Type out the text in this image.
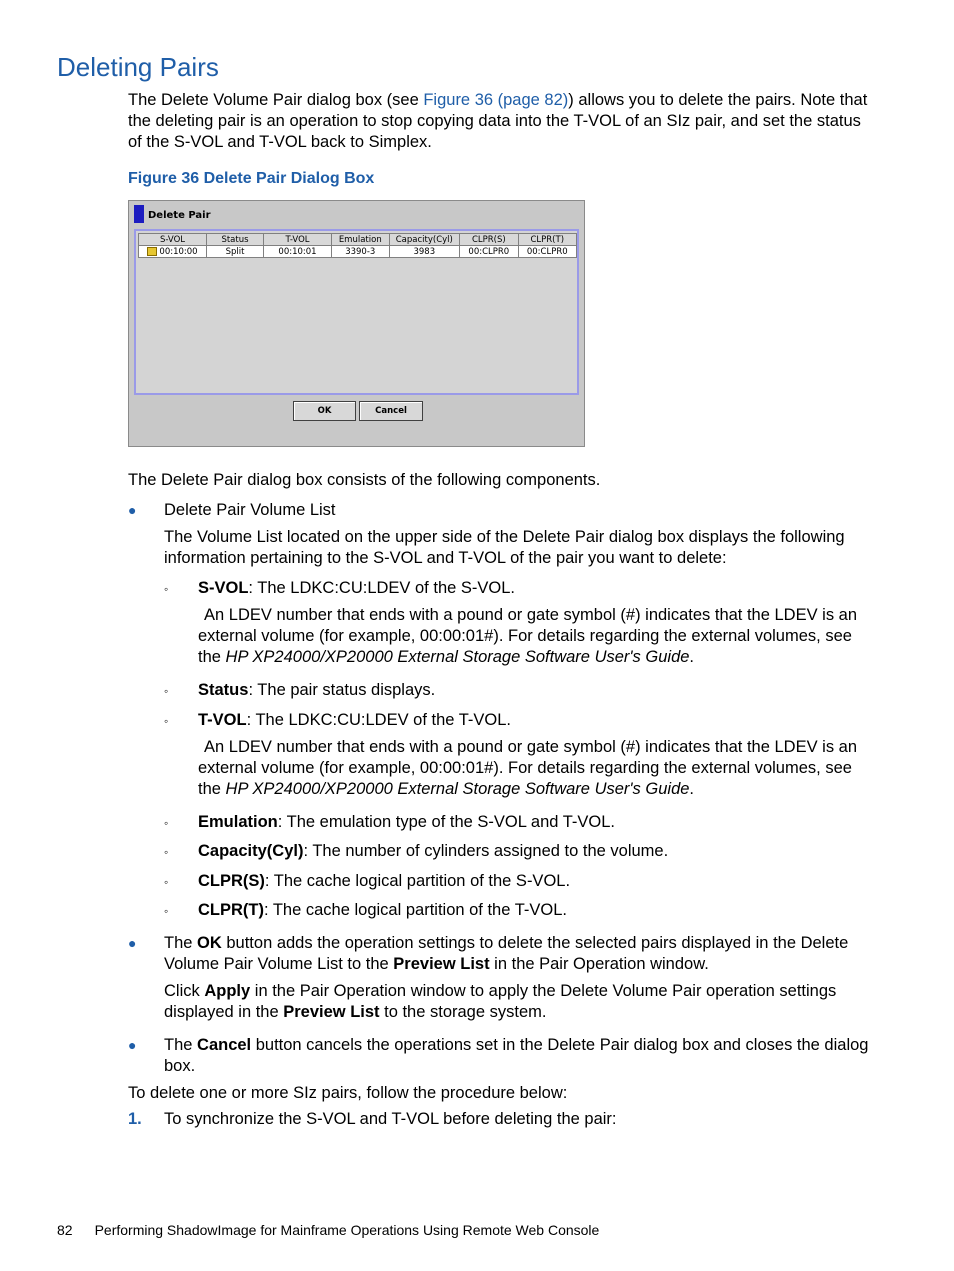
Deleting Pairs
The Delete Volume Pair dialog box (see Figure 36 (page 82)) allows you to delete the pairs. Note that the deleting pair is an operation to stop copying data into the T-VOL of an SIz pair, and set the status of the S-VOL and T-VOL back to Simplex.
Figure 36 Delete Pair Dialog Box
Delete Pair
S-VOL	Status	T-VOL	Emulation	Capacity(Cyl)	CLPR(S)	CLPR(T)
00:10:00	Split	00:10:01	3390-3	3983	00:CLPR0	00:CLPR0
OK	Cancel
The Delete Pair dialog box consists of the following components.
● Delete Pair Volume List
The Volume List located on the upper side of the Delete Pair dialog box displays the following information pertaining to the S-VOL and T-VOL of the pair you want to delete:
◦ S-VOL: The LDKC:CU:LDEV of the S-VOL.
An LDEV number that ends with a pound or gate symbol (#) indicates that the LDEV is an external volume (for example, 00:00:01#). For details regarding the external volumes, see the HP XP24000/XP20000 External Storage Software User's Guide.
◦ Status: The pair status displays.
◦ T-VOL: The LDKC:CU:LDEV of the T-VOL.
An LDEV number that ends with a pound or gate symbol (#) indicates that the LDEV is an external volume (for example, 00:00:01#). For details regarding the external volumes, see the HP XP24000/XP20000 External Storage Software User's Guide.
◦ Emulation: The emulation type of the S-VOL and T-VOL.
◦ Capacity(Cyl): The number of cylinders assigned to the volume.
◦ CLPR(S): The cache logical partition of the S-VOL.
◦ CLPR(T): The cache logical partition of the T-VOL.
● The OK button adds the operation settings to delete the selected pairs displayed in the Delete Volume Pair Volume List to the Preview List in the Pair Operation window.
Click Apply in the Pair Operation window to apply the Delete Volume Pair operation settings displayed in the Preview List to the storage system.
● The Cancel button cancels the operations set in the Delete Pair dialog box and closes the dialog box.
To delete one or more SIz pairs, follow the procedure below:
1. To synchronize the S-VOL and T-VOL before deleting the pair:
82 Performing ShadowImage for Mainframe Operations Using Remote Web Console
